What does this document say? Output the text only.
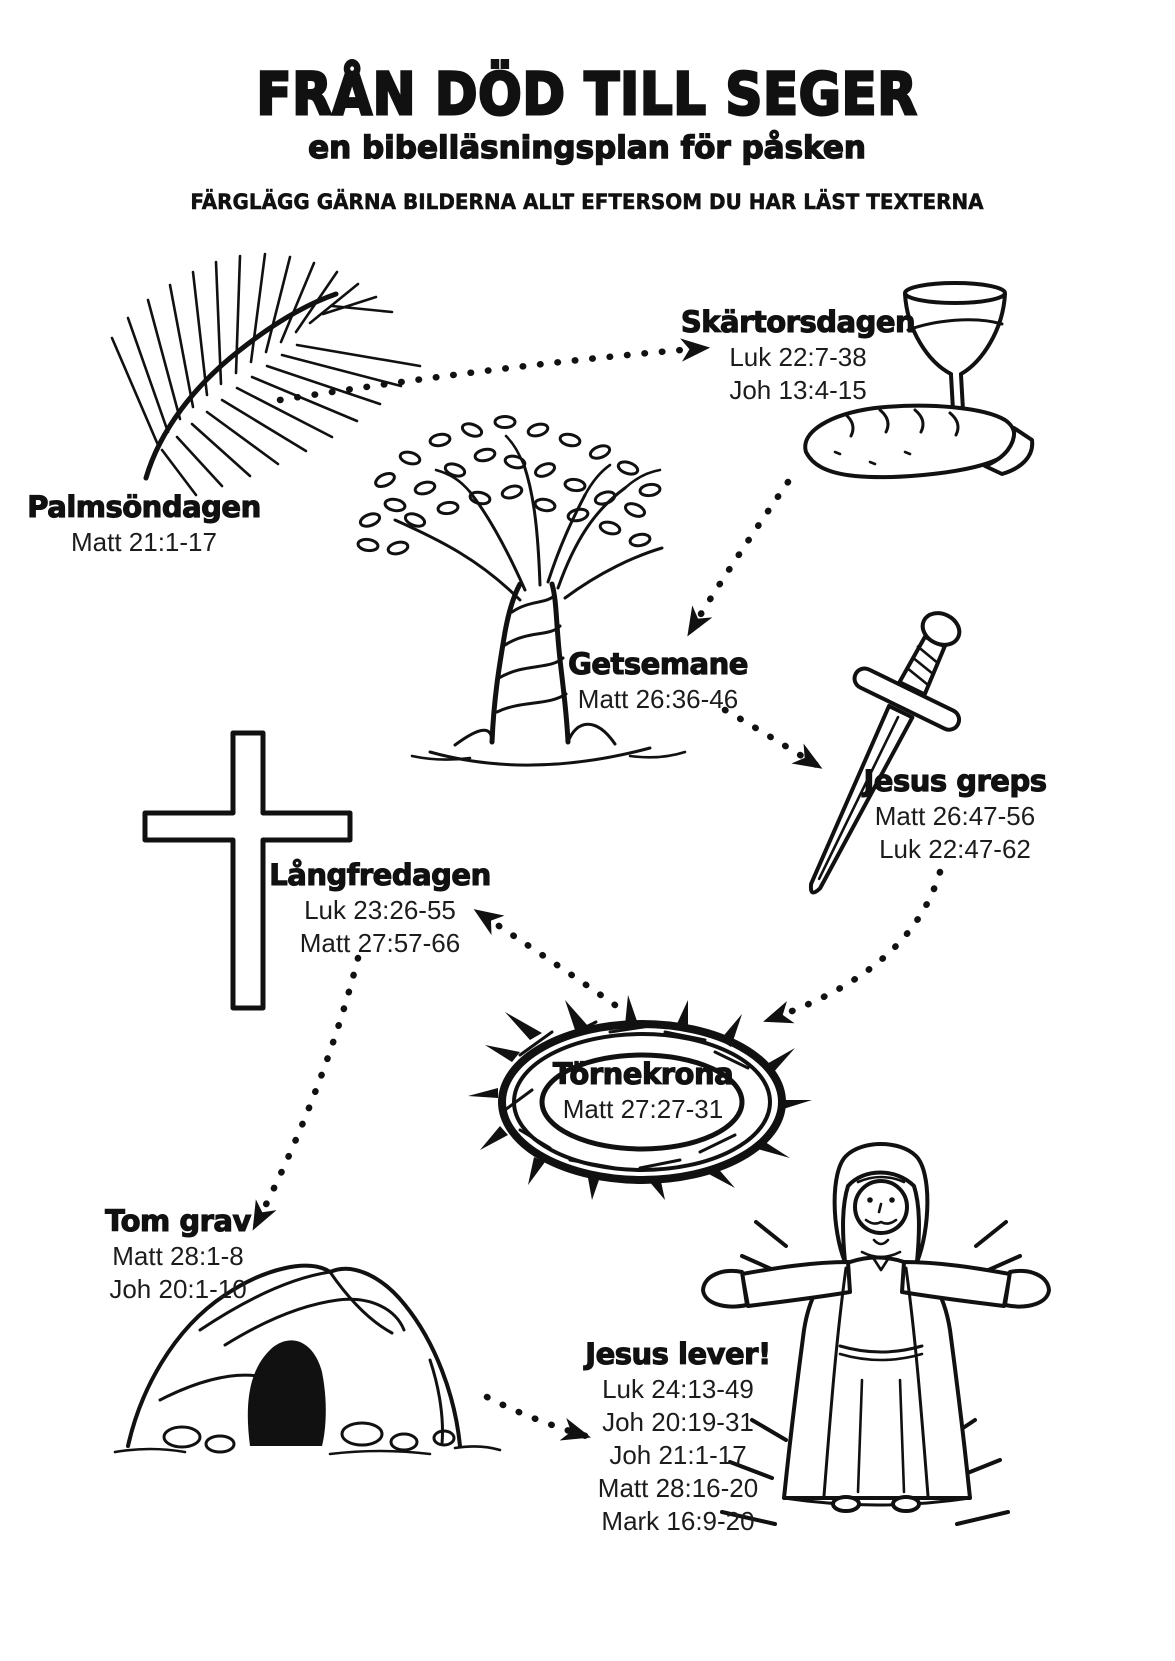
FRÅN DÖD TILL SEGER
en bibelläsningsplan för påsken
FÄRGLÄGG GÄRNA BILDERNA ALLT EFTERSOM DU HAR LÄST TEXTERNA
Palmsöndagen
Matt 21:1-17
Skärtorsdagen
Luk 22:7-38
Joh 13:4-15
Getsemane
Matt 26:36-46
Jesus greps
Matt 26:47-56
Luk 22:47-62
Långfredagen
Luk 23:26-55
Matt 27:57-66
Törnekrona
Matt 27:27-31
Tom grav
Matt 28:1-8
Joh 20:1-10
Jesus lever!
Luk 24:13-49
Joh 20:19-31
Joh 21:1-17
Matt 28:16-20
Mark 16:9-20
